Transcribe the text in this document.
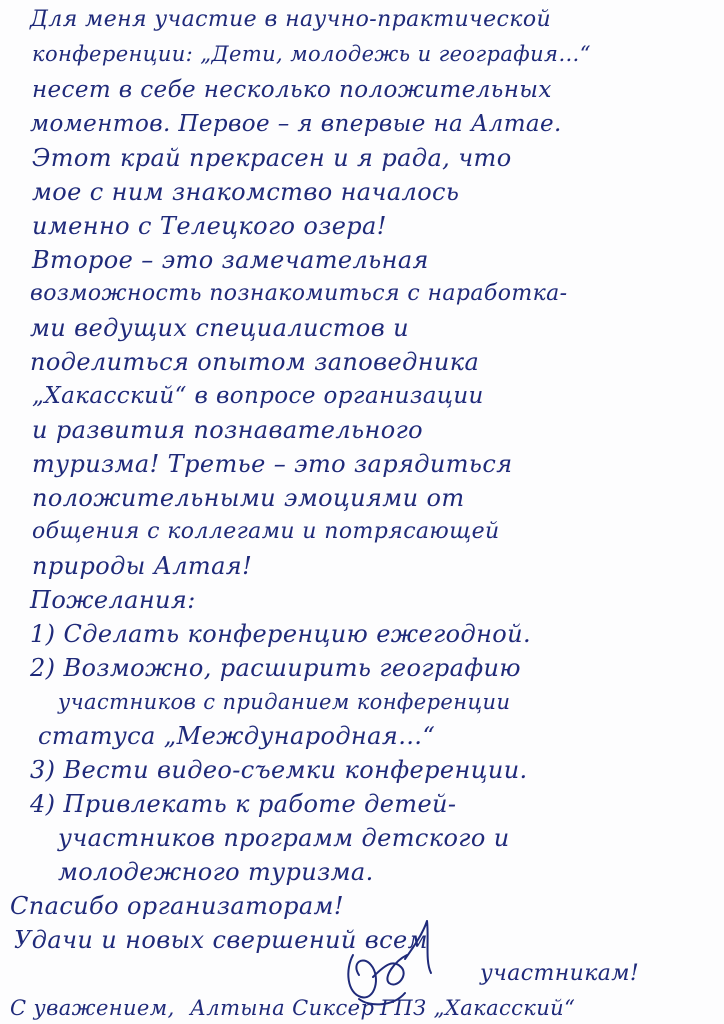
Для меня участие в научно-практической
конференции: „Дети, молодежь и география…“
несет в себе несколько положительных
моментов. Первое – я впервые на Алтае.
Этот край прекрасен и я рада, что
мое с ним знакомство началось
именно с Телецкого озера!
Второе – это замечательная
возможность познакомиться с наработка-
ми ведущих специалистов и
поделиться опытом заповедника
„Хакасский“ в вопросе организации
и развития познавательного
туризма! Третье – это зарядиться
положительными эмоциями от
общения с коллегами и потрясающей
природы Алтая!
Пожелания:
1) Сделать конференцию ежегодной.
2) Возможно, расширить географию
участников с приданием конференции
статуса „Международная…“
3) Вести видео-съемки конференции.
4) Привлекать к работе детей-
участников программ детского и
молодежного туризма.
Спасибо организаторам!
Удачи и новых свершений всем
участникам!
С уважением, Алтына Сиксер ГПЗ „Хакасский“
